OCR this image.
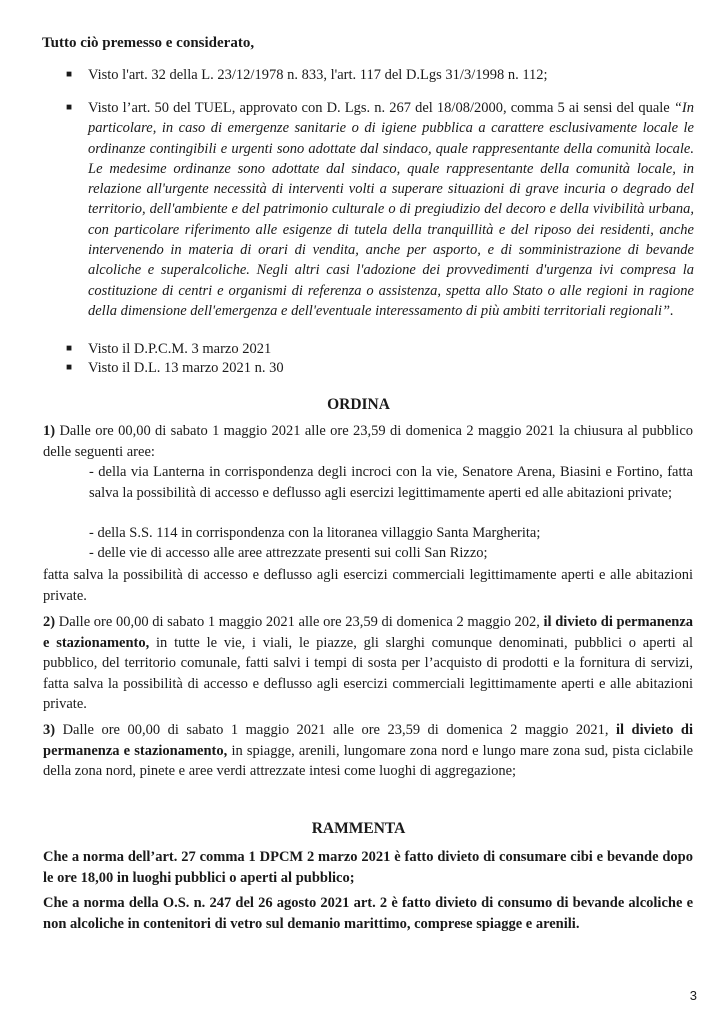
Tutto ciò premesso e considerato,
■ Visto l'art. 32 della L. 23/12/1978 n. 833, l'art. 117 del D.Lgs 31/3/1998 n. 112;
■ Visto l’art. 50 del TUEL, approvato con D. Lgs. n. 267 del 18/08/2000, comma 5 ai sensi del quale “In particolare, in caso di emergenze sanitarie o di igiene pubblica a carattere esclusivamente locale le ordinanze contingibili e urgenti sono adottate dal sindaco, quale rappresentante della comunità locale. Le medesime ordinanze sono adottate dal sindaco, quale rappresentante della comunità locale, in relazione all'urgente necessità di interventi volti a superare situazioni di grave incuria o degrado del territorio, dell'ambiente e del patrimonio culturale o di pregiudizio del decoro e della vivibilità urbana, con particolare riferimento alle esigenze di tutela della tranquillità e del riposo dei residenti, anche intervenendo in materia di orari di vendita, anche per asporto, e di somministrazione di bevande alcoliche e superalcoliche. Negli altri casi l'adozione dei provvedimenti d'urgenza ivi compresa la costituzione di centri e organismi di referenza o assistenza, spetta allo Stato o alle regioni in ragione della dimensione dell'emergenza e dell'eventuale interessamento di più ambiti territoriali regionali”.
■ Visto il D.P.C.M. 3 marzo 2021
■ Visto il D.L. 13 marzo 2021 n. 30
ORDINA
1) Dalle ore 00,00 di sabato 1 maggio 2021 alle ore 23,59 di domenica 2 maggio 2021 la chiusura al pubblico delle seguenti aree:
- della via Lanterna in corrispondenza degli incroci con la vie, Senatore Arena, Biasini e Fortino, fatta salva la possibilità di accesso e deflusso agli esercizi legittimamente aperti ed alle abitazioni private;
- della S.S. 114 in corrispondenza con la litoranea villaggio Santa Margherita;
- delle vie di accesso alle aree attrezzate presenti sui colli San Rizzo;
fatta salva la possibilità di accesso e deflusso agli esercizi commerciali legittimamente aperti e alle abitazioni private.
2) Dalle ore 00,00 di sabato 1 maggio 2021 alle ore 23,59 di domenica 2 maggio 202, il divieto di permanenza e stazionamento, in tutte le vie, i viali, le piazze, gli slarghi comunque denominati, pubblici o aperti al pubblico, del territorio comunale, fatti salvi i tempi di sosta per l’acquisto di prodotti e la fornitura di servizi, fatta salva la possibilità di accesso e deflusso agli esercizi commerciali legittimamente aperti e alle abitazioni private.
3) Dalle ore 00,00 di sabato 1 maggio 2021 alle ore 23,59 di domenica 2 maggio 2021, il divieto di permanenza e stazionamento, in spiagge, arenili, lungomare zona nord e lungo mare zona sud, pista ciclabile della zona nord, pinete e aree verdi attrezzate intesi come luoghi di aggregazione;
RAMMENTA
Che a norma dell’art. 27 comma 1 DPCM 2 marzo 2021 è fatto divieto di consumare cibi e bevande dopo le ore 18,00 in luoghi pubblici o aperti al pubblico;
Che a norma della O.S. n. 247 del 26 agosto 2021 art. 2 è fatto divieto di consumo di bevande alcoliche e non alcoliche in contenitori di vetro sul demanio marittimo, comprese spiagge e arenili.
3
